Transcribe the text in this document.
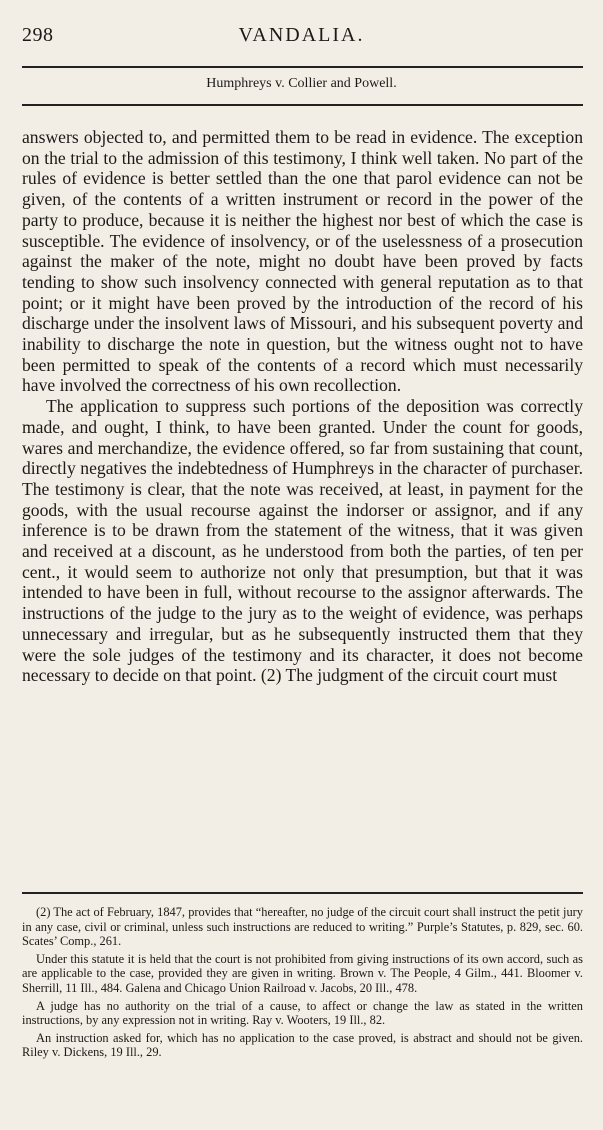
298	VANDALIA.
Humphreys v. Collier and Powell.

answers objected to, and permitted them to be read in evidence. The exception on the trial to the admission of this testimony, I think well taken. No part of the rules of evidence is better settled than the one that parol evidence can not be given, of the contents of a written instrument or record in the power of the party to produce, because it is neither the highest nor best of which the case is susceptible. The evidence of insolvency, or of the uselessness of a prosecution against the maker of the note, might no doubt have been proved by facts tending to show such insolvency connected with general reputation as to that point; or it might have been proved by the introduction of the record of his discharge under the insolvent laws of Missouri, and his subsequent poverty and inability to discharge the note in question, but the witness ought not to have been permitted to speak of the contents of a record which must necessarily have involved the correctness of his own recollection.

The application to suppress such portions of the deposition was correctly made, and ought, I think, to have been granted. Under the count for goods, wares and merchandize, the evidence offered, so far from sustaining that count, directly negatives the indebtedness of Humphreys in the character of purchaser. The testimony is clear, that the note was received, at least, in payment for the goods, with the usual recourse against the indorser or assignor, and if any inference is to be drawn from the statement of the witness, that it was given and received at a discount, as he understood from both the parties, of ten per cent., it would seem to authorize not only that presumption, but that it was intended to have been in full, without recourse to the assignor afterwards. The instructions of the judge to the jury as to the weight of evidence, was perhaps unnecessary and irregular, but as he subsequently instructed them that they were the sole judges of the testimony and its character, it does not become necessary to decide on that point. (2) The judgment of the circuit court must

(2) The act of February, 1847, provides that “hereafter, no judge of the circuit court shall instruct the petit jury in any case, civil or criminal, unless such instructions are reduced to writing.” Purple’s Statutes, p. 829, sec. 60. Scates’ Comp., 261.

Under this statute it is held that the court is not prohibited from giving instructions of its own accord, such as are applicable to the case, provided they are given in writing. Brown v. The People, 4 Gilm., 441. Bloomer v. Sherrill, 11 Ill., 484. Galena and Chicago Union Railroad v. Jacobs, 20 Ill., 478.

A judge has no authority on the trial of a cause, to affect or change the law as stated in the written instructions, by any expression not in writing. Ray v. Wooters, 19 Ill., 82.

An instruction asked for, which has no application to the case proved, is abstract and should not be given. Riley v. Dickens, 19 Ill., 29.
